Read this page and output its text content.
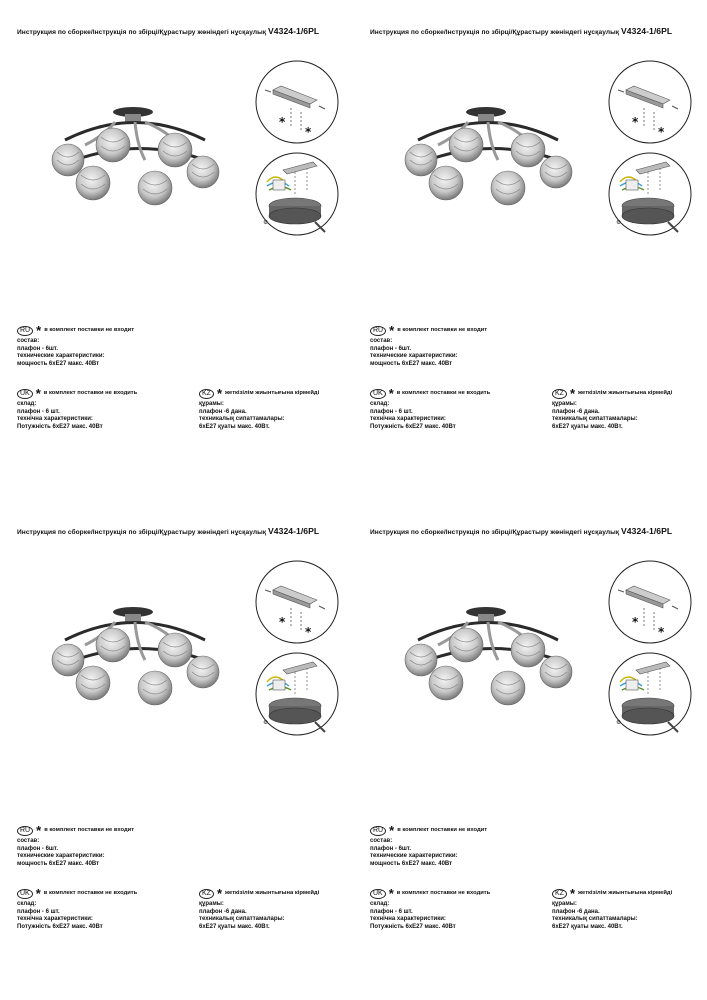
Инструкция по сборке/Інструкція по збірці/Құрастыру жөніндегі нұсқаулық V4324-1/6PL
*
*
⚙
RU * в комплект поставки не входит
состав:
плафон - 6шт.
технические характеристики:
мощность 6хЕ27 макс. 40Вт
UK * в комплект поставки не входить
склад:
плафон - 6 шт.
технічна характеристики:
Потужність 6хЕ27 макс. 40Вт
KZ * жеткізілім жиынтығына кірмейді
құрамы:
плафон -6 дана.
техникалық сипаттамалары:
6хЕ27 қуаты макс. 40Вт.
Инструкция по сборке/Інструкція по збірці/Құрастыру жөніндегі нұсқаулық V4324-1/6PL
*
*
⚙
RU * в комплект поставки не входит
состав:
плафон - 6шт.
технические характеристики:
мощность 6хЕ27 макс. 40Вт
UK * в комплект поставки не входить
склад:
плафон - 6 шт.
технічна характеристики:
Потужність 6хЕ27 макс. 40Вт
KZ * жеткізілім жиынтығына кірмейді
құрамы:
плафон -6 дана.
техникалық сипаттамалары:
6хЕ27 қуаты макс. 40Вт.
Инструкция по сборке/Інструкція по збірці/Құрастыру жөніндегі нұсқаулық V4324-1/6PL
*
*
⚙
RU * в комплект поставки не входит
состав:
плафон - 6шт.
технические характеристики:
мощность 6хЕ27 макс. 40Вт
UK * в комплект поставки не входить
склад:
плафон - 6 шт.
технічна характеристики:
Потужність 6хЕ27 макс. 40Вт
KZ * жеткізілім жиынтығына кірмейді
құрамы:
плафон -6 дана.
техникалық сипаттамалары:
6хЕ27 қуаты макс. 40Вт.
Инструкция по сборке/Інструкція по збірці/Құрастыру жөніндегі нұсқаулық V4324-1/6PL
*
*
⚙
RU * в комплект поставки не входит
состав:
плафон - 6шт.
технические характеристики:
мощность 6хЕ27 макс. 40Вт
UK * в комплект поставки не входить
склад:
плафон - 6 шт.
технічна характеристики:
Потужність 6хЕ27 макс. 40Вт
KZ * жеткізілім жиынтығына кірмейді
құрамы:
плафон -6 дана.
техникалық сипаттамалары:
6хЕ27 қуаты макс. 40Вт.
